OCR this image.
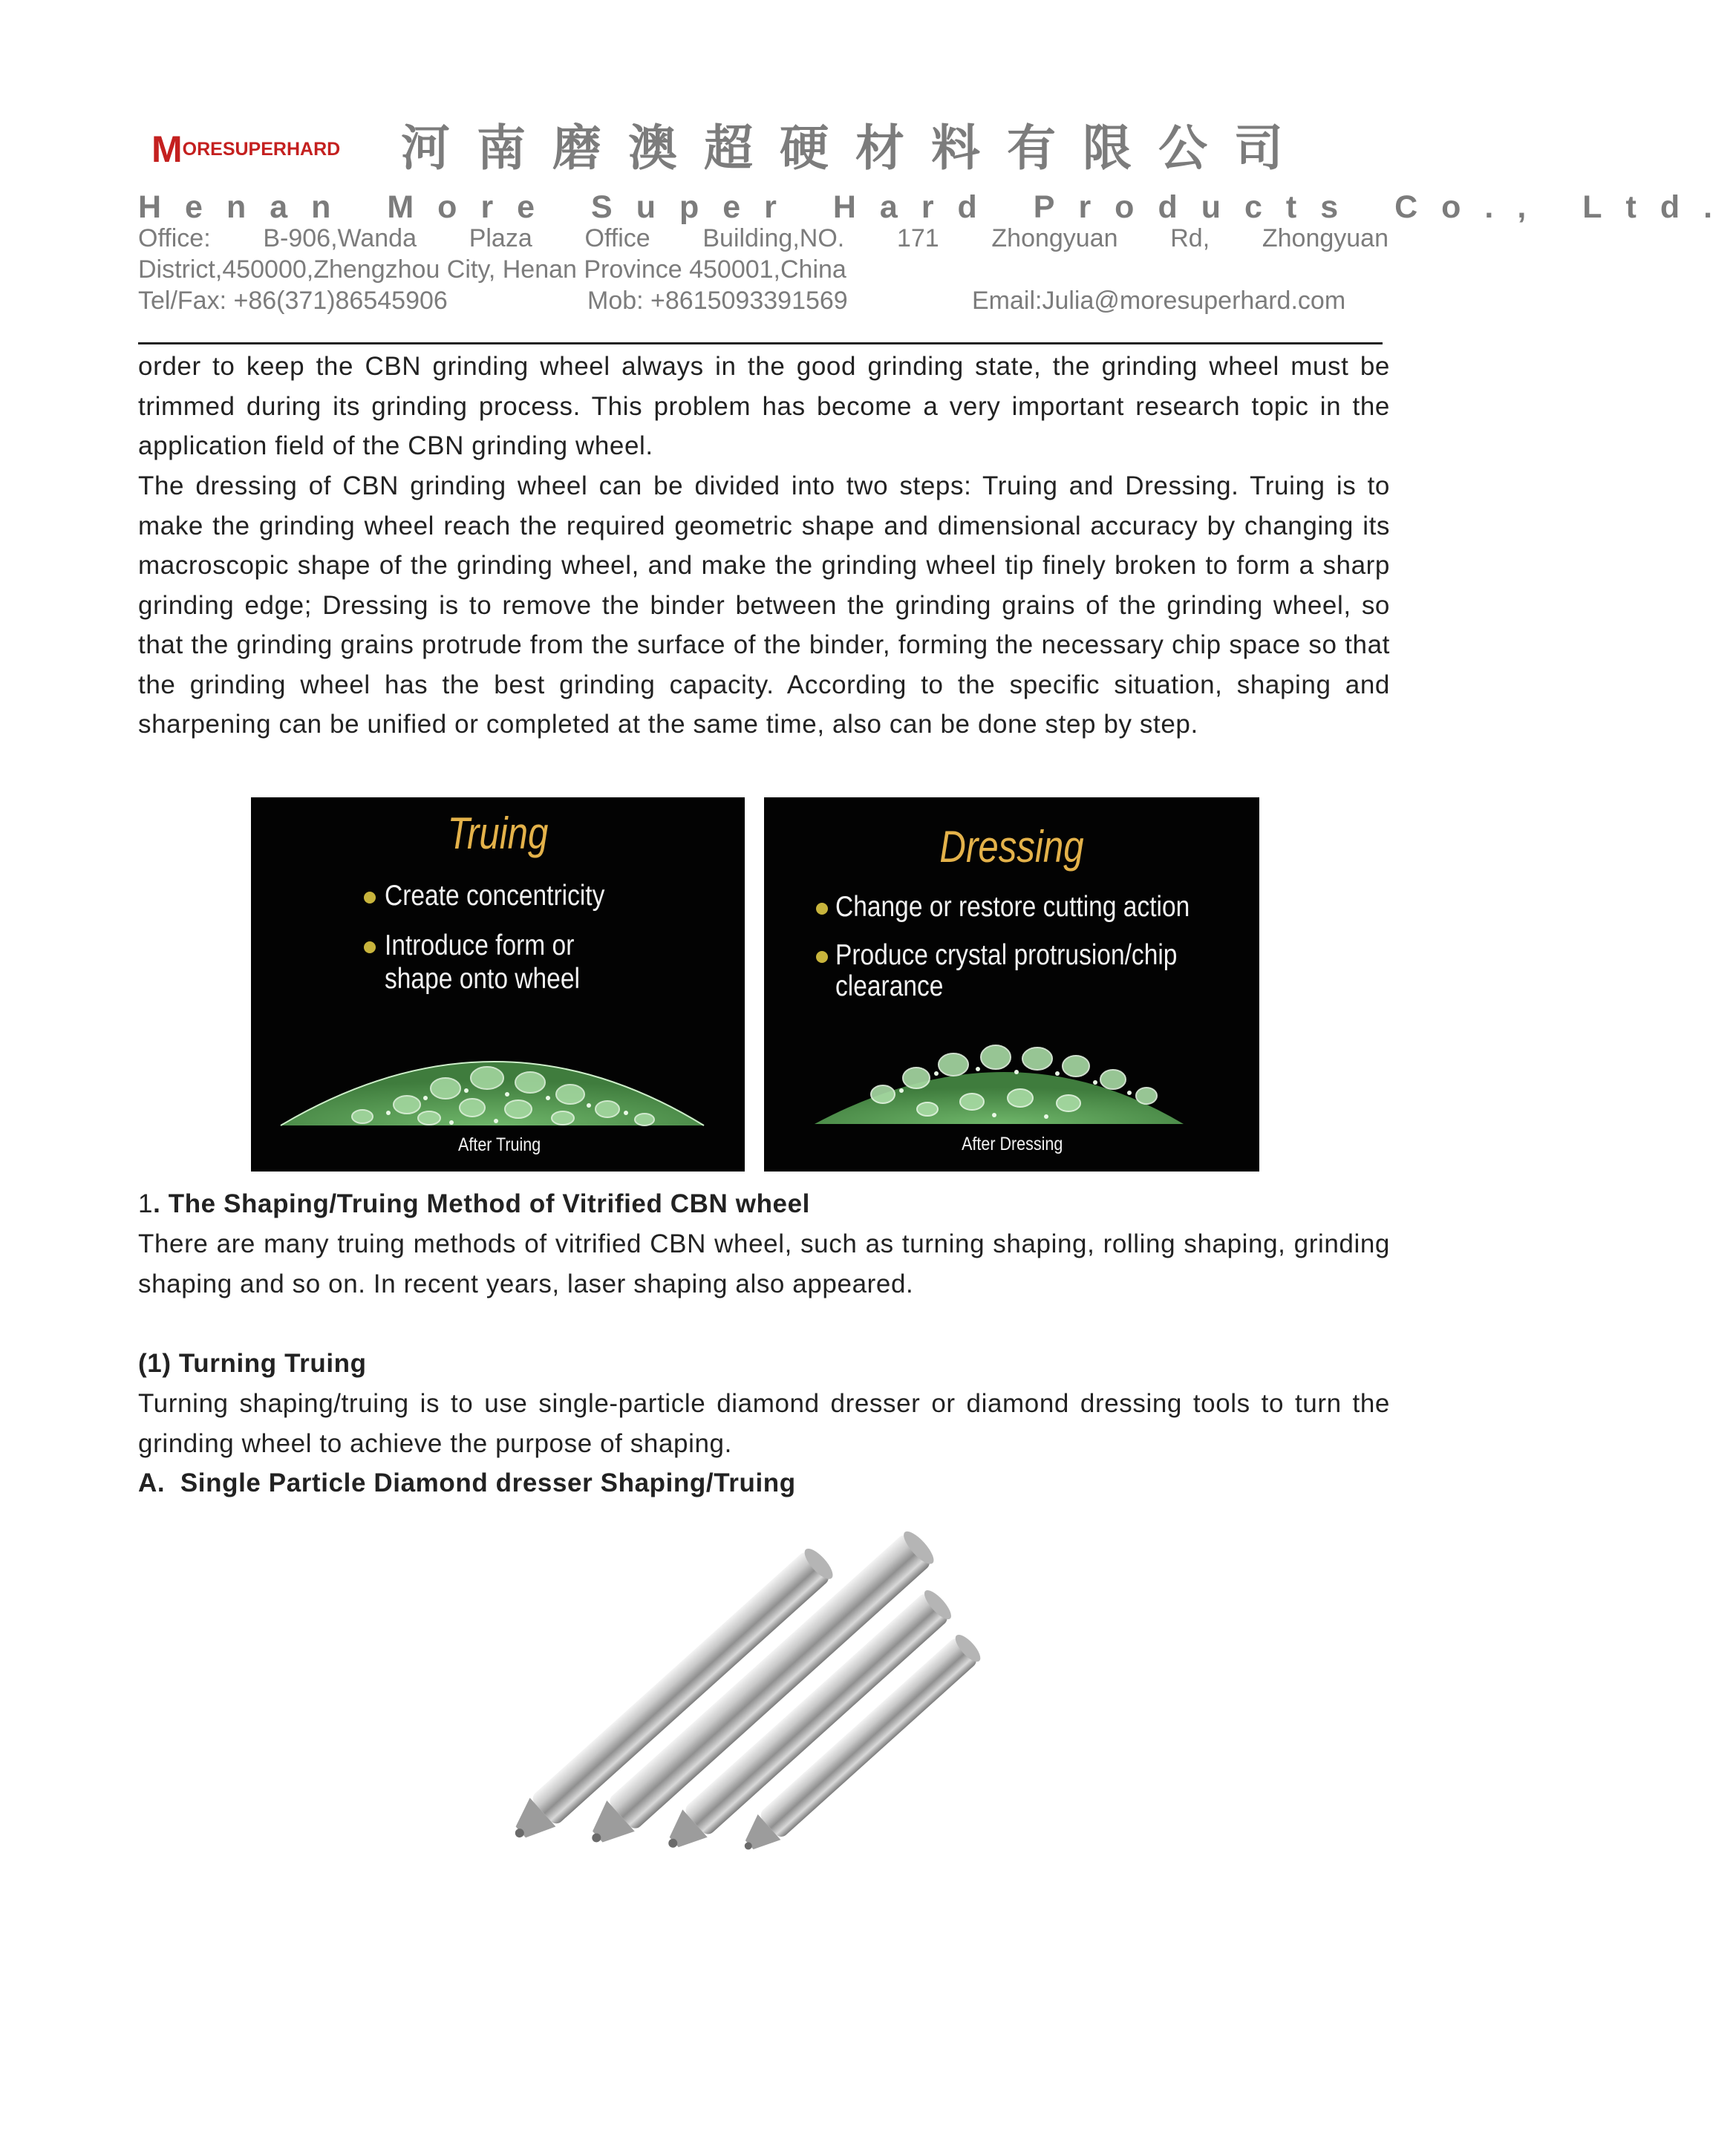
MORESUPERHARD	河南磨澳超硬材料有限公司
Henan More Super Hard Products Co., Ltd.
Office: B-906,Wanda Plaza Office Building,NO. 171 Zhongyuan Rd, Zhongyuan
District,450000,Zhengzhou City, Henan Province 450001,China
Tel/Fax: +86(371)86545906	Mob: +8615093391569	Email:Julia@moresuperhard.com
order to keep the CBN grinding wheel always in the good grinding state, the grinding wheel must be trimmed during its grinding process. This problem has become a very important research topic in the application field of the CBN grinding wheel.
The dressing of CBN grinding wheel can be divided into two steps: Truing and Dressing. Truing is to make the grinding wheel reach the required geometric shape and dimensional accuracy by changing its macroscopic shape of the grinding wheel, and make the grinding wheel tip finely broken to form a sharp grinding edge; Dressing is to remove the binder between the grinding grains of the grinding wheel, so that the grinding grains protrude from the surface of the binder, forming the necessary chip space so that the grinding wheel has the best grinding capacity. According to the specific situation, shaping and sharpening can be unified or completed at the same time, also can be done step by step.
Truing
Create concentricity
Introduce form or
shape onto wheel
After Truing
Dressing
Change or restore cutting action
Produce crystal protrusion/chip
clearance
After Dressing
1. The Shaping/Truing Method of Vitrified CBN wheel
There are many truing methods of vitrified CBN wheel, such as turning shaping, rolling shaping, grinding shaping and so on. In recent years, laser shaping also appeared.
(1) Turning Truing
Turning shaping/truing is to use single-particle diamond dresser or diamond dressing tools to turn the grinding wheel to achieve the purpose of shaping.
A. Single Particle Diamond dresser Shaping/Truing
